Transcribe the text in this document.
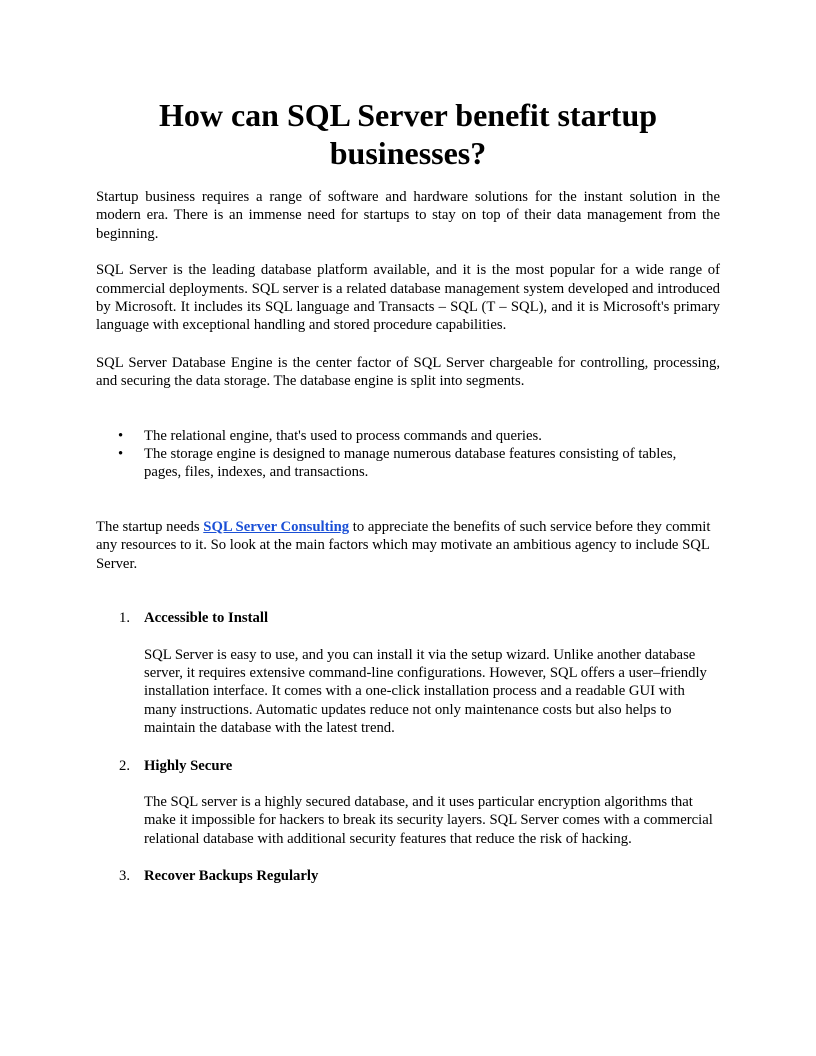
How can SQL Server benefit startup businesses?

Startup business requires a range of software and hardware solutions for the instant solution in the modern era. There is an immense need for startups to stay on top of their data management from the beginning.

SQL Server is the leading database platform available, and it is the most popular for a wide range of commercial deployments. SQL server is a related database management system developed and introduced by Microsoft. It includes its SQL language and Transacts – SQL (T – SQL), and it is Microsoft's primary language with exceptional handling and stored procedure capabilities.

SQL Server Database Engine is the center factor of SQL Server chargeable for controlling, processing, and securing the data storage. The database engine is split into segments.

• The relational engine, that's used to process commands and queries.
• The storage engine is designed to manage numerous database features consisting of tables, pages, files, indexes, and transactions.

The startup needs SQL Server Consulting to appreciate the benefits of such service before they commit any resources to it. So look at the main factors which may motivate an ambitious agency to include SQL Server.

1. Accessible to Install
SQL Server is easy to use, and you can install it via the setup wizard. Unlike another database server, it requires extensive command-line configurations. However, SQL offers a user–friendly installation interface. It comes with a one-click installation process and a readable GUI with many instructions. Automatic updates reduce not only maintenance costs but also helps to maintain the database with the latest trend.
2. Highly Secure
The SQL server is a highly secured database, and it uses particular encryption algorithms that make it impossible for hackers to break its security layers. SQL Server comes with a commercial relational database with additional security features that reduce the risk of hacking.
3. Recover Backups Regularly
